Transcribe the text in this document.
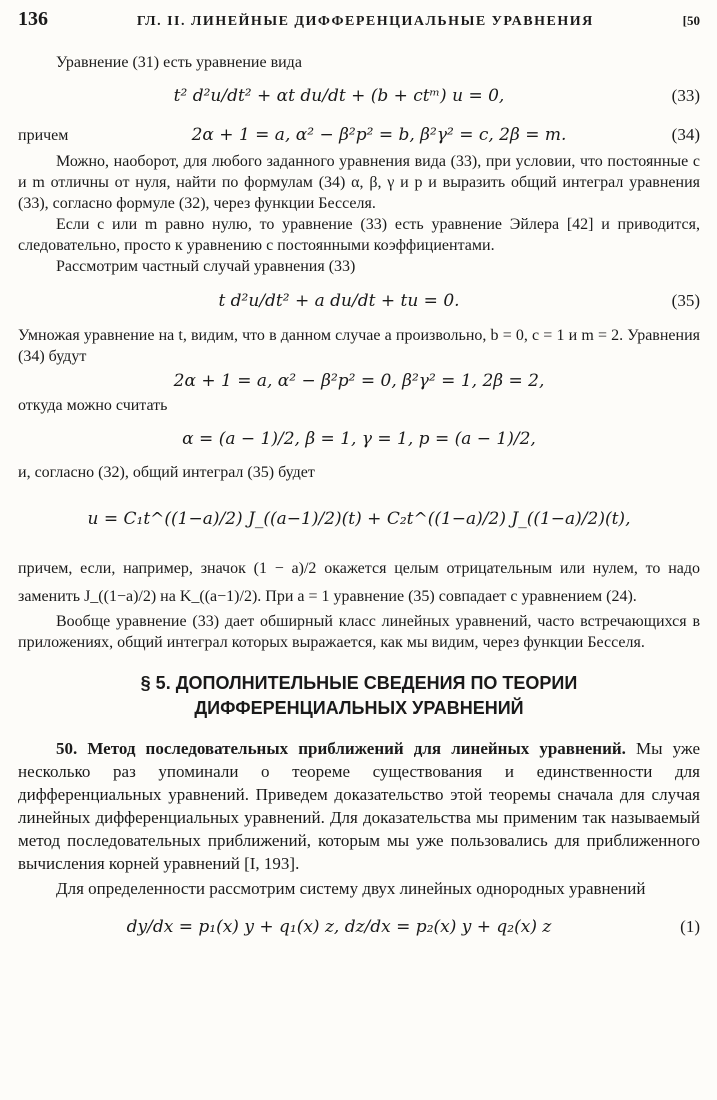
136	ГЛ. II. ЛИНЕЙНЫЕ ДИФФЕРЕНЦИАЛЬНЫЕ УРАВНЕНИЯ	[50

Уравнение (31) есть уравнение вида

t² d²u/dt² + αt du/dt + (b + ctᵐ) u = 0,	(33)

причем	2α + 1 = a, α² − β²p² = b, β²γ² = c, 2β = m.	(34)

Можно, наоборот, для любого заданного уравнения вида (33), при условии, что постоянные c и m отличны от нуля, найти по формулам (34) α, β, γ и p и выразить общий интеграл уравнения (33), согласно формуле (32), через функции Бесселя.

Если c или m равно нулю, то уравнение (33) есть уравнение Эйлера [42] и приводится, следовательно, просто к уравнению с постоянными коэффициентами.

Рассмотрим частный случай уравнения (33)

t d²u/dt² + a du/dt + tu = 0.	(35)

Умножая уравнение на t, видим, что в данном случае a произвольно, b = 0, c = 1 и m = 2. Уравнения (34) будут

2α + 1 = a, α² − β²p² = 0, β²γ² = 1, 2β = 2,

откуда можно считать

α = (a − 1)/2, β = 1, γ = 1, p = (a − 1)/2,

и, согласно (32), общий интеграл (35) будет

u = C₁t^((1−a)/2) J_((a−1)/2)(t) + C₂t^((1−a)/2) J_((1−a)/2)(t),

причем, если, например, значок (1 − a)/2 окажется целым отрицательным или нулем, то надо заменить J_((1−a)/2) на K_((a−1)/2). При a = 1 уравнение (35) совпадает с уравнением (24).

Вообще уравнение (33) дает обширный класс линейных уравнений, часто встречающихся в приложениях, общий интеграл которых выражается, как мы видим, через функции Бесселя.

§ 5. ДОПОЛНИТЕЛЬНЫЕ СВЕДЕНИЯ ПО ТЕОРИИ
ДИФФЕРЕНЦИАЛЬНЫХ УРАВНЕНИЙ

50. Метод последовательных приближений для линейных уравнений. Мы уже несколько раз упоминали о теореме существования и единственности для дифференциальных уравнений. Приведем доказательство этой теоремы сначала для случая линейных дифференциальных уравнений. Для доказательства мы применим так называемый метод последовательных приближений, которым мы уже пользовались для приближенного вычисления корней уравнений [I, 193].

Для определенности рассмотрим систему двух линейных однородных уравнений

dy/dx = p₁(x) y + q₁(x) z, dz/dx = p₂(x) y + q₂(x) z	(1)
